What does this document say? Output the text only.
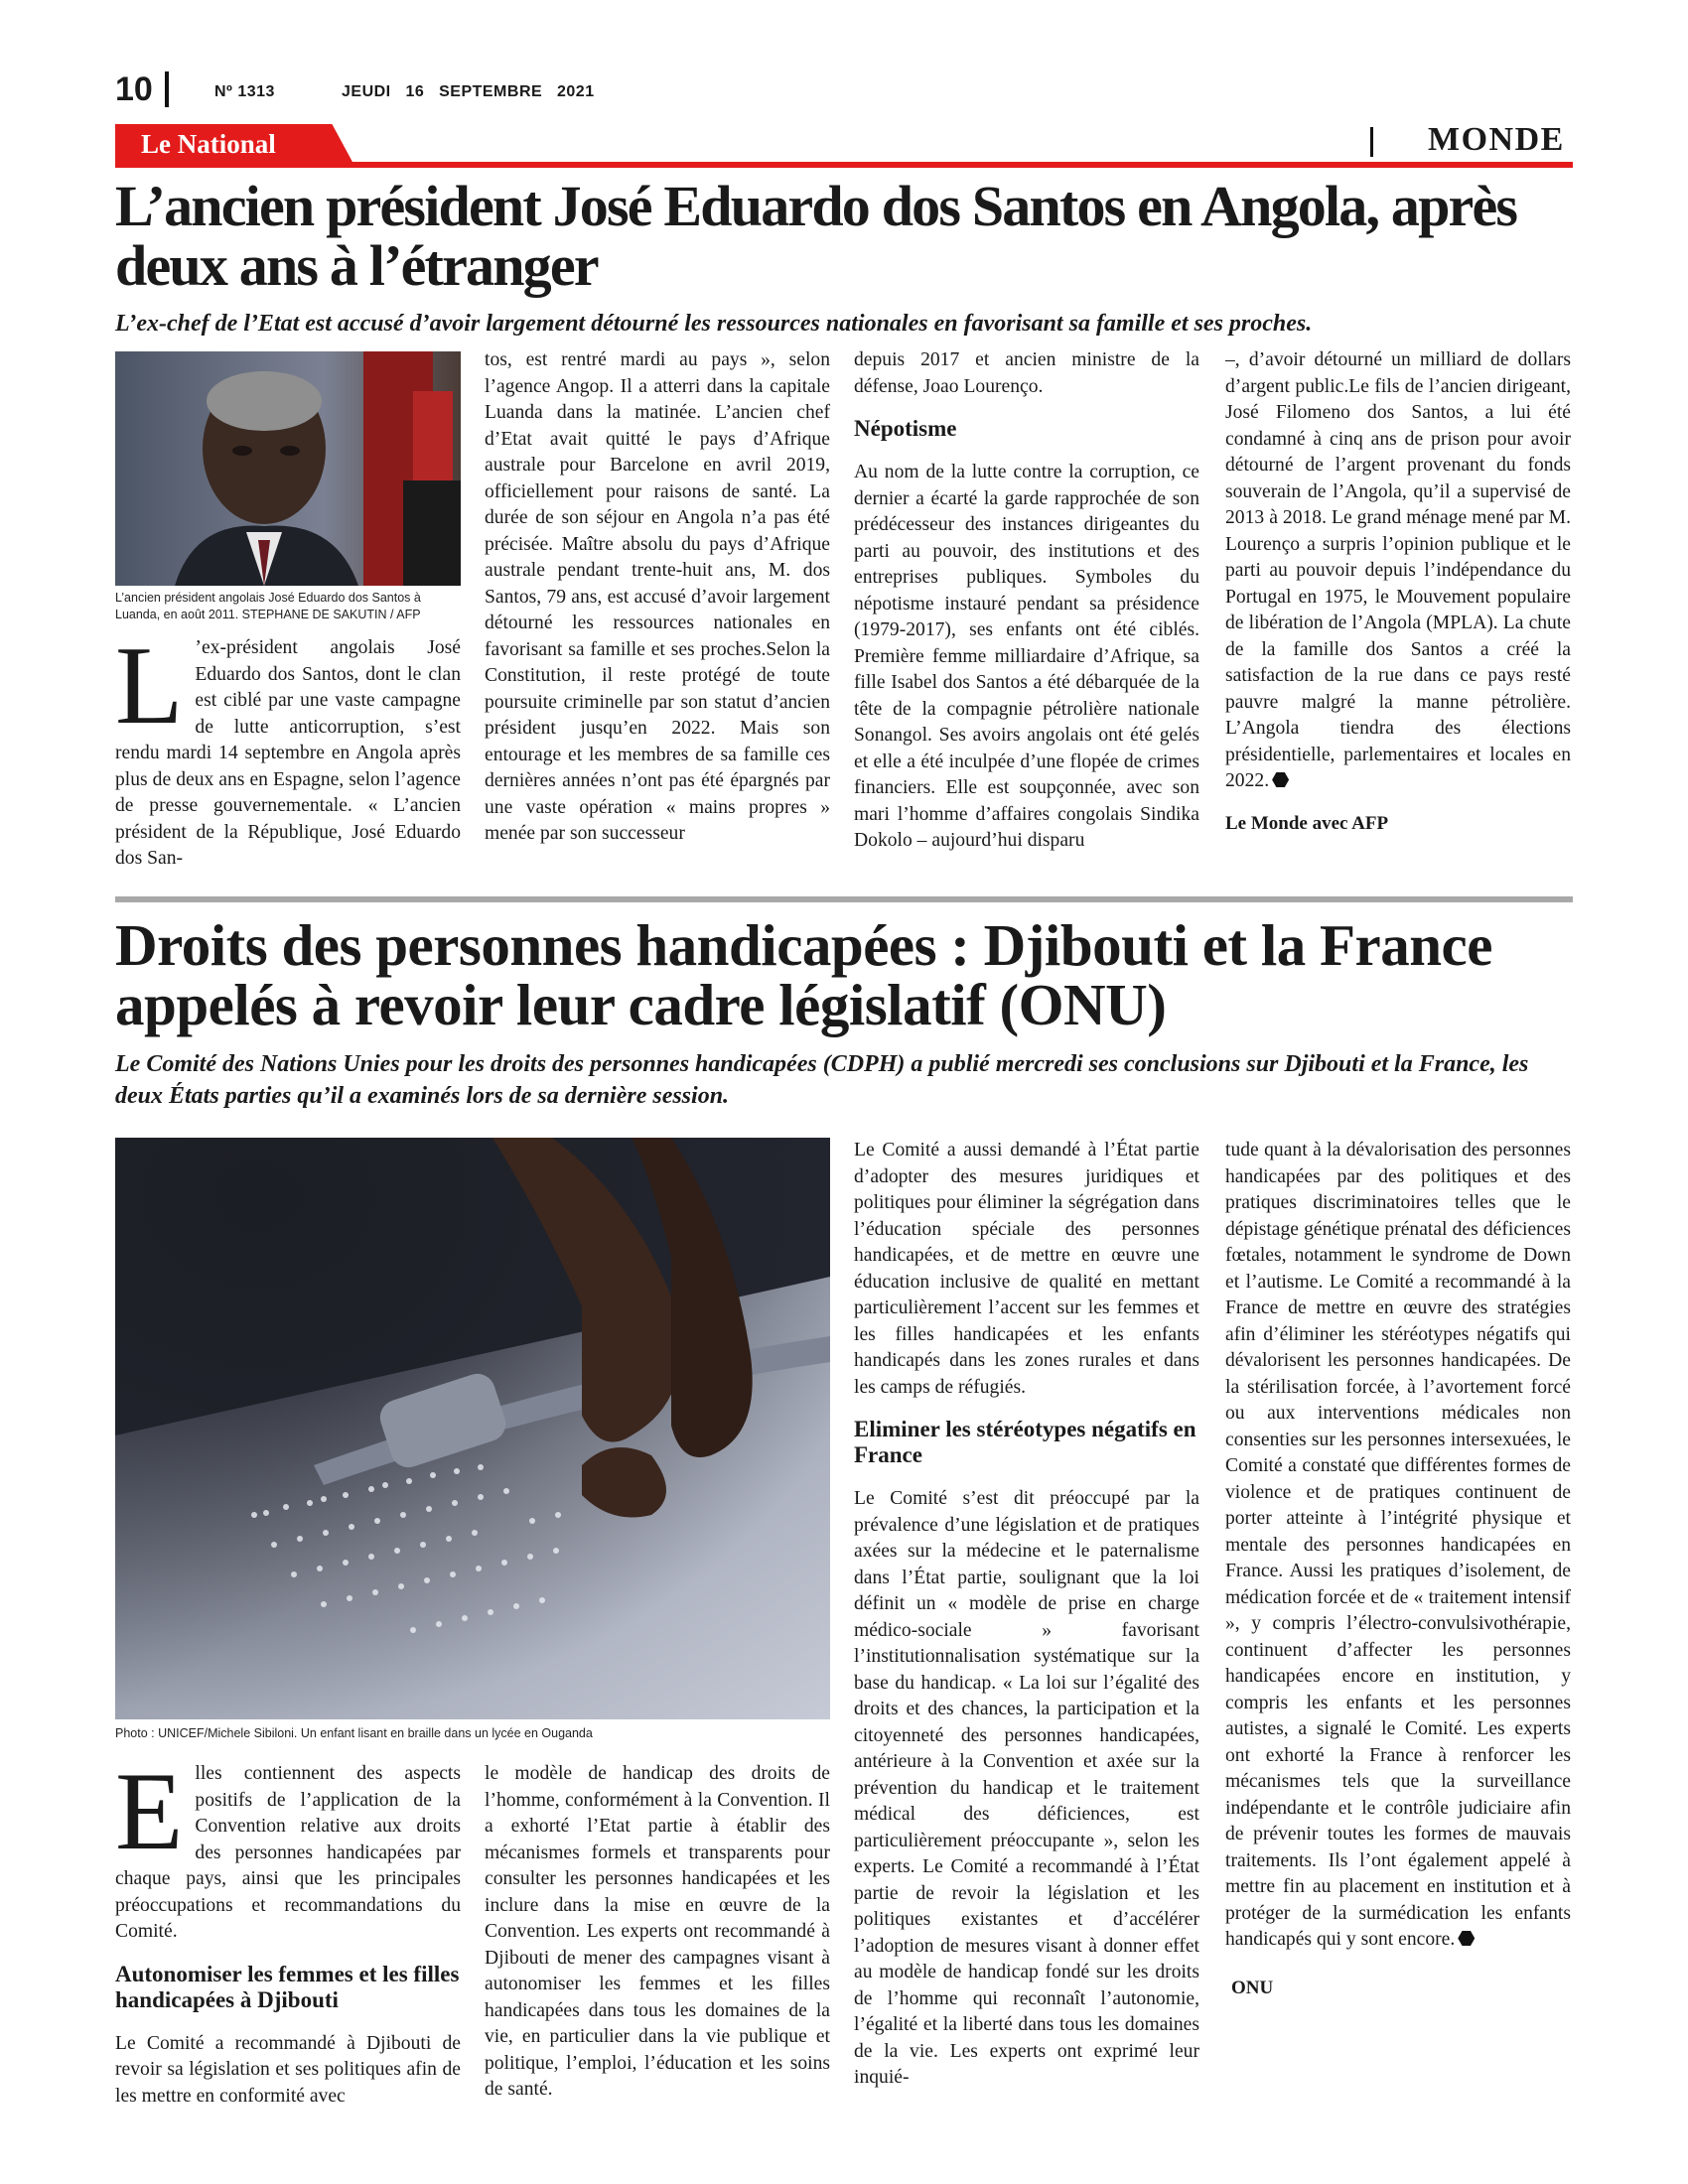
10	Nº 1313	JEUDI   16   SEPTEMBRE   2021
Le National	MONDE
L’ancien président José Eduardo dos Santos en Angola, après deux ans à l’étranger

L’ex-chef de l’Etat est accusé d’avoir largement détourné les ressources nationales en favorisant sa famille et ses proches.

L’ancien président angolais José Eduardo dos Santos à Luanda, en août 2011. STEPHANE DE SAKUTIN / AFP
L ’ex-président angolais José Eduardo dos Santos, dont le clan est ciblé par une vaste campagne de lutte anticorruption, s’est rendu mardi 14 septembre en Angola après plus de deux ans en Espagne, selon l’agence de presse gouvernementale. « L’ancien président de la République, José Eduardo dos San-

tos, est rentré mardi au pays », selon l’agence Angop. Il a atterri dans la capitale Luanda dans la matinée. L’ancien chef d’Etat avait quitté le pays d’Afrique australe pour Barcelone en avril 2019, officiellement pour raisons de santé. La durée de son séjour en Angola n’a pas été précisée. Maître absolu du pays d’Afrique australe pendant trente-huit ans, M. dos Santos, 79 ans, est accusé d’avoir largement détourné les ressources nationales en favorisant sa famille et ses proches.Selon la Constitution, il reste protégé de toute poursuite criminelle par son statut d’ancien président jusqu’en 2022. Mais son entourage et les membres de sa famille ces dernières années n’ont pas été épargnés par une vaste opération « mains propres » menée par son successeur

depuis 2017 et ancien ministre de la défense, Joao Lourenço.

Népotisme

Au nom de la lutte contre la corruption, ce dernier a écarté la garde rapprochée de son prédécesseur des instances dirigeantes du parti au pouvoir, des institutions et des entreprises publiques. Symboles du népotisme instauré pendant sa présidence (1979-2017), ses enfants ont été ciblés. Première femme milliardaire d’Afrique, sa fille Isabel dos Santos a été débarquée de la tête de la compagnie pétrolière nationale Sonangol. Ses avoirs angolais ont été gelés et elle a été inculpée d’une flopée de crimes financiers. Elle est soupçonnée, avec son mari l’homme d’affaires congolais Sindika Dokolo – aujourd’hui disparu

–, d’avoir détourné un milliard de dollars d’argent public.Le fils de l’ancien dirigeant, José Filomeno dos Santos, a lui été condamné à cinq ans de prison pour avoir détourné de l’argent provenant du fonds souverain de l’Angola, qu’il a supervisé de 2013 à 2018. Le grand ménage mené par M. Lourenço a surpris l’opinion publique et le parti au pouvoir depuis l’indépendance du Portugal en 1975, le Mouvement populaire de libération de l’Angola (MPLA). La chute de la famille dos Santos a créé la satisfaction de la rue dans ce pays resté pauvre malgré la manne pétrolière. L’Angola tiendra des élections présidentielle, parlementaires et locales en 2022.

Le Monde avec AFP
Droits des personnes handicapées : Djibouti et la France appelés à revoir leur cadre législatif (ONU)

Le Comité des Nations Unies pour les droits des personnes handicapées (CDPH) a publié mercredi ses conclusions sur Djibouti et la France, les deux États parties qu’il a examinés lors de sa dernière session.

Photo : UNICEF/Michele Sibiloni. Un enfant lisant en braille dans un lycée en Ouganda

Elles contiennent des aspects positifs de l’application de la Convention relative aux droits des personnes handicapées par chaque pays, ainsi que les principales préoccupations et recommandations du Comité.

Autonomiser les femmes et les filles handicapées à Djibouti

Le Comité a recommandé à Djibouti de revoir sa législation et ses politiques afin de les mettre en conformité avec

le modèle de handicap des droits de l’homme, conformément à la Convention. Il a exhorté l’Etat partie à établir des mécanismes formels et transparents pour consulter les personnes handicapées et les inclure dans la mise en œuvre de la Convention. Les experts ont recommandé à Djibouti de mener des campagnes visant à autonomiser les femmes et les filles handicapées dans tous les domaines de la vie, en particulier dans la vie publique et politique, l’emploi, l’éducation et les soins de santé.

Le Comité a aussi demandé à l’État partie d’adopter des mesures juridiques et politiques pour éliminer la ségrégation dans l’éducation spéciale des personnes handicapées, et de mettre en œuvre une éducation inclusive de qualité en mettant particulièrement l’accent sur les femmes et les filles handicapées et les enfants handicapés dans les zones rurales et dans les camps de réfugiés.

Eliminer les stéréotypes négatifs en France

Le Comité s’est dit préoccupé par la prévalence d’une législation et de pratiques axées sur la médecine et le paternalisme dans l’État partie, soulignant que la loi définit un « modèle de prise en charge médico-sociale » favorisant l’institutionnalisation systématique sur la base du handicap. « La loi sur l’égalité des droits et des chances, la participation et la citoyenneté des personnes handicapées, antérieure à la Convention et axée sur la prévention du handicap et le traitement médical des déficiences, est particulièrement préoccupante », selon les experts. Le Comité a recommandé à l’État partie de revoir la législation et les politiques existantes et d’accélérer l’adoption de mesures visant à donner effet au modèle de handicap fondé sur les droits de l’homme qui reconnaît l’autonomie, l’égalité et la liberté dans tous les domaines de la vie. Les experts ont exprimé leur inquié-

tude quant à la dévalorisation des personnes handicapées par des politiques et des pratiques discriminatoires telles que le dépistage génétique prénatal des déficiences fœtales, notamment le syndrome de Down et l’autisme. Le Comité a recommandé à la France de mettre en œuvre des stratégies afin d’éliminer les stéréotypes négatifs qui dévalorisent les personnes handicapées. De la stérilisation forcée, à l’avortement forcé ou aux interventions médicales non consenties sur les personnes intersexuées, le Comité a constaté que différentes formes de violence et de pratiques continuent de porter atteinte à l’intégrité physique et mentale des personnes handicapées en France. Aussi les pratiques d’isolement, de médication forcée et de « traitement intensif », y compris l’électro-convulsivothérapie, continuent d’affecter les personnes handicapées encore en institution, y compris les enfants et les personnes autistes, a signalé le Comité. Les experts ont exhorté la France à renforcer les mécanismes tels que la surveillance indépendante et le contrôle judiciaire afin de prévenir toutes les formes de mauvais traitements. Ils l’ont également appelé à mettre fin au placement en institution et à protéger de la surmédication les enfants handicapés qui y sont encore.

ONU
